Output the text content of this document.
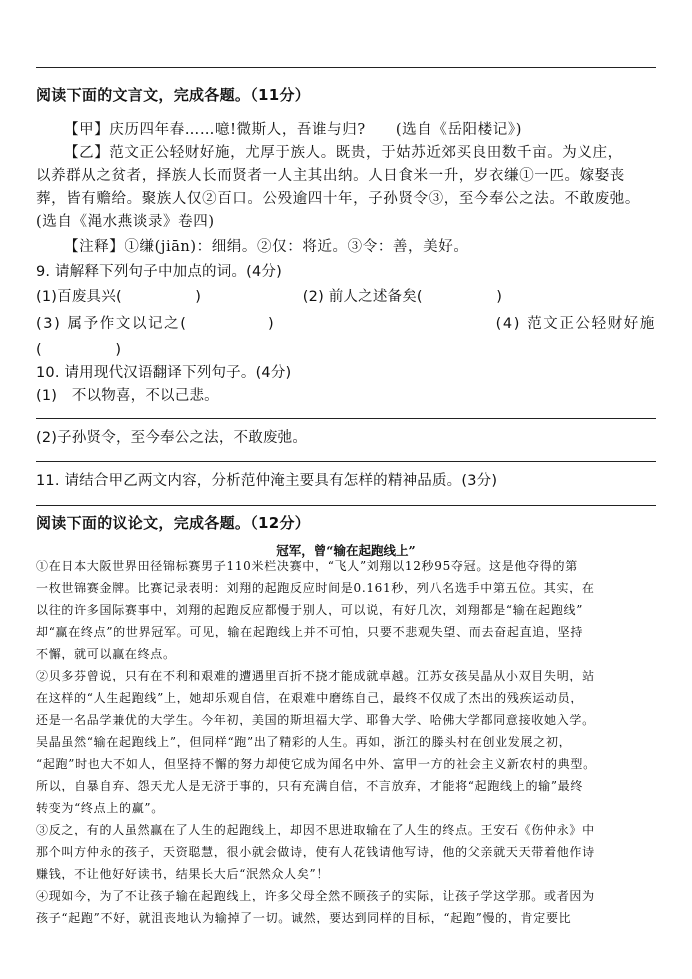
阅读下面的文言文，完成各题。（11分）
【甲】庆历四年春……噫!微斯人，吾谁与归?　　(选自《岳阳楼记》)
【乙】范文正公轻财好施，尤厚于族人。既贵，于姑苏近郊买良田数千亩。为义庄，
以养群从之贫者，择族人长而贤者一人主其出纳。人日食米一升，岁衣缣①一匹。嫁娶丧
葬，皆有赡给。聚族人仅②百口。公殁逾四十年，子孙贤令③，至今奉公之法。不敢废弛。
(选自《渑水燕谈录》卷四)
【注释】①缣(jiān)：细绢。②仅：将近。③令：善，美好。
9. 请解释下列句子中加点的词。(4分)
(1)百废具兴(　　　　　)	(2) 前人之述备矣(　　　　　)
(3) 属予作文以记之(　　　　　)	(4) 范文正公轻财好施
(　　　　　)
10. 请用现代汉语翻译下列句子。(4分)
(1)　不以物喜，不以己悲。
(2)子孙贤令，至今奉公之法，不敢废弛。
11. 请结合甲乙两文内容，分析范仲淹主要具有怎样的精神品质。(3分)
阅读下面的议论文，完成各题。（12分）
冠军，曾“输在起跑线上”
①在日本大阪世界田径锦标赛男子110米栏决赛中，“飞人”刘翔以12秒95夺冠。这是他夺得的第
一枚世锦赛金牌。比赛记录表明：刘翔的起跑反应时间是0.161秒，列八名选手中第五位。其实，在
以往的许多国际赛事中，刘翔的起跑反应都慢于别人，可以说，有好几次，刘翔都是“输在起跑线”
却“赢在终点”的世界冠军。可见，输在起跑线上并不可怕，只要不悲观失望、而去奋起直追，坚持
不懈，就可以赢在终点。
②贝多芬曾说，只有在不利和艰难的遭遇里百折不挠才能成就卓越。江苏女孩吴晶从小双目失明，站
在这样的“人生起跑线”上，她却乐观自信，在艰难中磨练自己，最终不仅成了杰出的残疾运动员，
还是一名品学兼优的大学生。今年初，美国的斯坦福大学、耶鲁大学、哈佛大学都同意接收她入学。
吴晶虽然“输在起跑线上”，但同样“跑”出了精彩的人生。再如，浙江的滕头村在创业发展之初，
“起跑”时也大不如人，但坚持不懈的努力却使它成为闻名中外、富甲一方的社会主义新农村的典型。
所以，自暴自弃、怨天尤人是无济于事的，只有充满自信，不言放弃，才能将“起跑线上的输”最终
转变为“终点上的赢”。
③反之，有的人虽然赢在了人生的起跑线上，却因不思进取输在了人生的终点。王安石《伤仲永》中
那个叫方仲永的孩子，天资聪慧，很小就会做诗，使有人花钱请他写诗，他的父亲就天天带着他作诗
赚钱，不让他好好读书，结果长大后“泯然众人矣”！
④现如今，为了不让孩子输在起跑线上，许多父母全然不顾孩子的实际，让孩子学这学那。或者因为
孩子“起跑”不好，就沮丧地认为输掉了一切。诚然，要达到同样的目标，“起跑”慢的，肯定要比
